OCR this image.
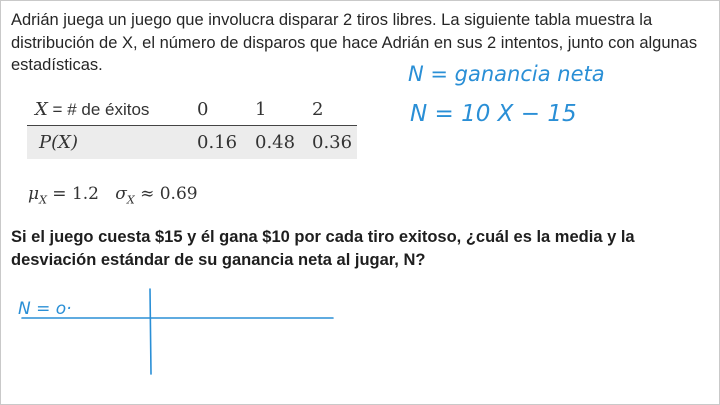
Adrián juega un juego que involucra disparar 2 tiros libres. La siguiente tabla muestra la distribución de X, el número de disparos que hace Adrián en sus 2 intentos, junto con algunas estadísticas.
X = # de éxitos	0	1	2
P(X)	0.16 0.48 0.36
$\mu_X = 1.2$ $\sigma_X \approx 0.69$
Si el juego cuesta $15 y él gana $10 por cada tiro exitoso, ¿cuál es la media y la desviación estándar de su ganancia neta al jugar, N?
N = ganancia neta
N = 10 X − 15
N = o·
